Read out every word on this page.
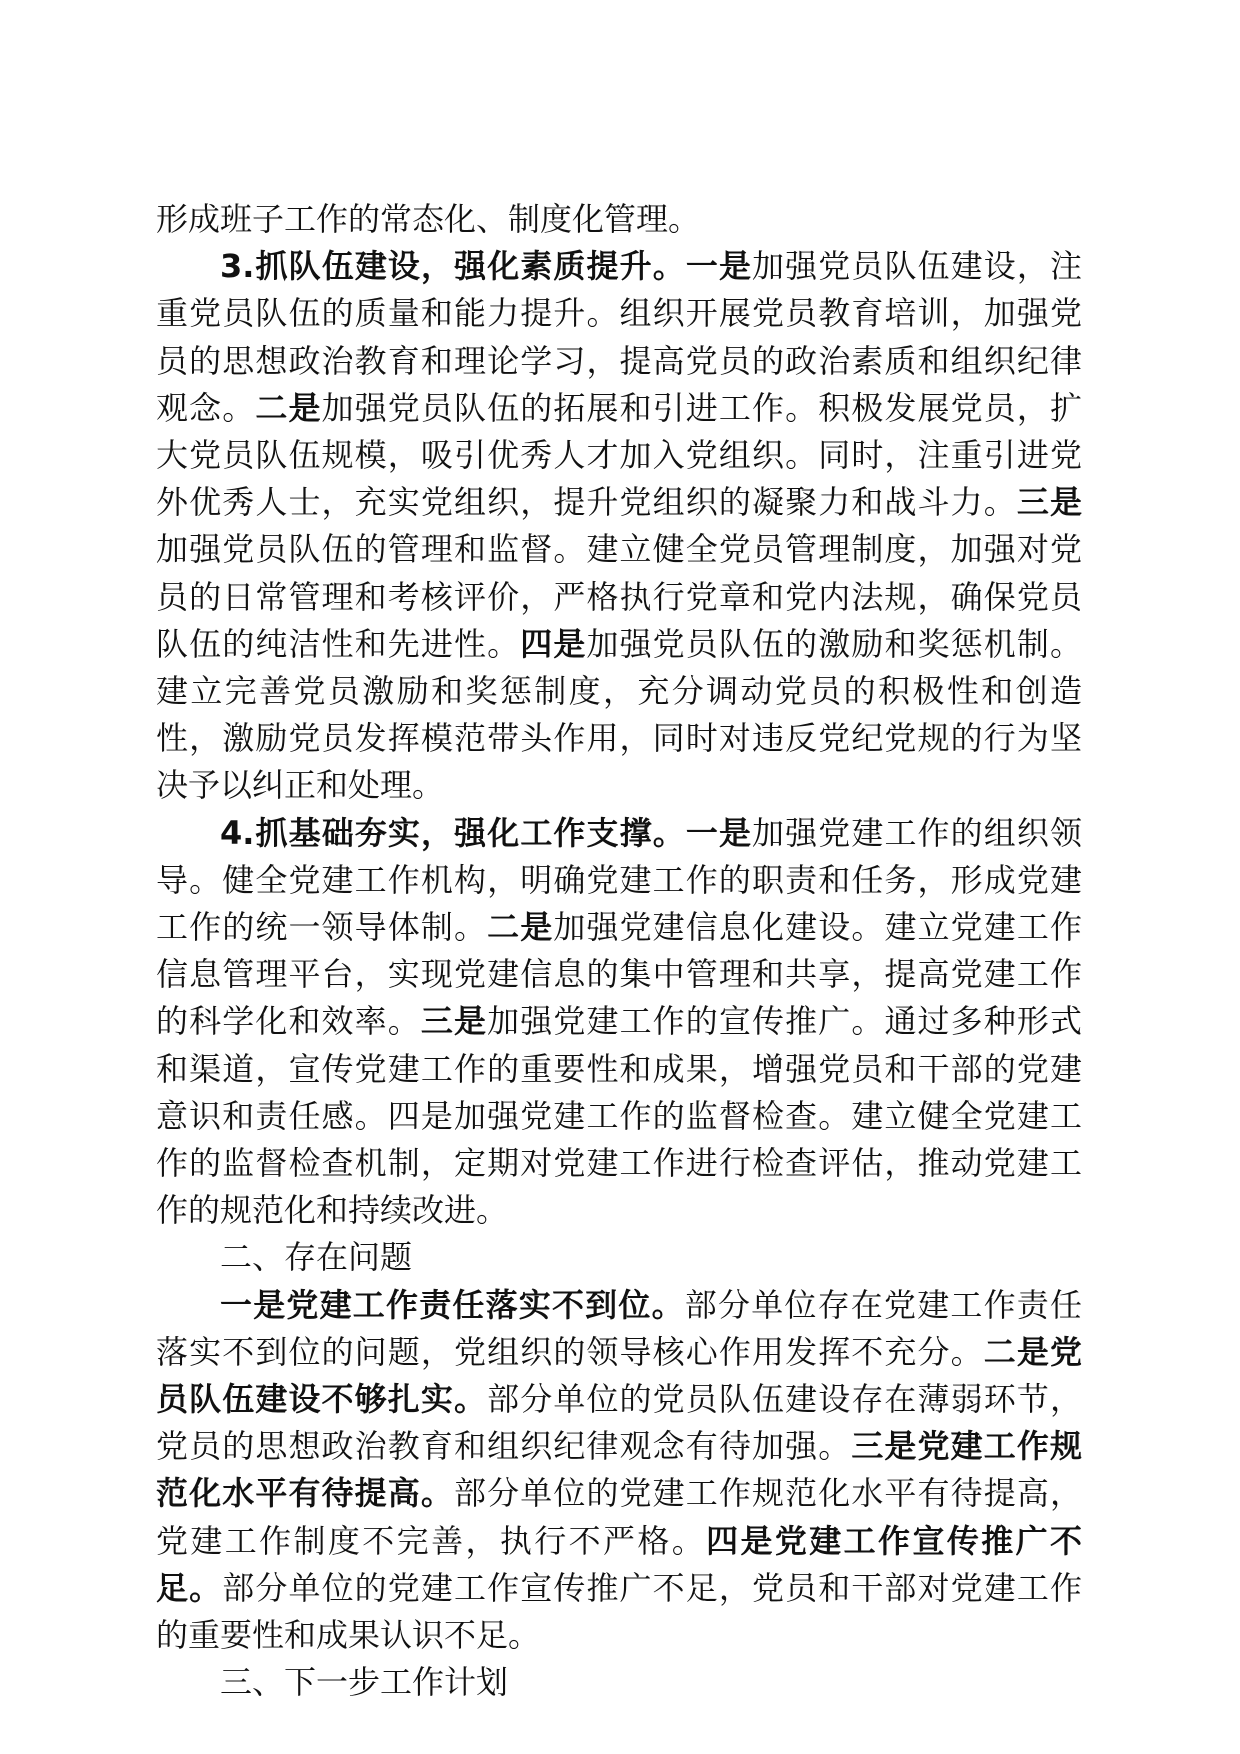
形成班子工作的常态化、制度化管理。

3.抓队伍建设，强化素质提升。一是加强党员队伍建设，注重党员队伍的质量和能力提升。组织开展党员教育培训，加强党员的思想政治教育和理论学习，提高党员的政治素质和组织纪律观念。二是加强党员队伍的拓展和引进工作。积极发展党员，扩大党员队伍规模，吸引优秀人才加入党组织。同时，注重引进党外优秀人士，充实党组织，提升党组织的凝聚力和战斗力。三是加强党员队伍的管理和监督。建立健全党员管理制度，加强对党员的日常管理和考核评价，严格执行党章和党内法规，确保党员队伍的纯洁性和先进性。四是加强党员队伍的激励和奖惩机制。建立完善党员激励和奖惩制度，充分调动党员的积极性和创造性，激励党员发挥模范带头作用，同时对违反党纪党规的行为坚决予以纠正和处理。

4.抓基础夯实，强化工作支撑。一是加强党建工作的组织领导。健全党建工作机构，明确党建工作的职责和任务，形成党建工作的统一领导体制。二是加强党建信息化建设。建立党建工作信息管理平台，实现党建信息的集中管理和共享，提高党建工作的科学化和效率。三是加强党建工作的宣传推广。通过多种形式和渠道，宣传党建工作的重要性和成果，增强党员和干部的党建意识和责任感。四是加强党建工作的监督检查。建立健全党建工作的监督检查机制，定期对党建工作进行检查评估，推动党建工作的规范化和持续改进。

二、存在问题

一是党建工作责任落实不到位。部分单位存在党建工作责任落实不到位的问题，党组织的领导核心作用发挥不充分。二是党员队伍建设不够扎实。部分单位的党员队伍建设存在薄弱环节，党员的思想政治教育和组织纪律观念有待加强。三是党建工作规范化水平有待提高。部分单位的党建工作规范化水平有待提高，党建工作制度不完善，执行不严格。四是党建工作宣传推广不足。部分单位的党建工作宣传推广不足，党员和干部对党建工作的重要性和成果认识不足。

三、下一步工作计划
